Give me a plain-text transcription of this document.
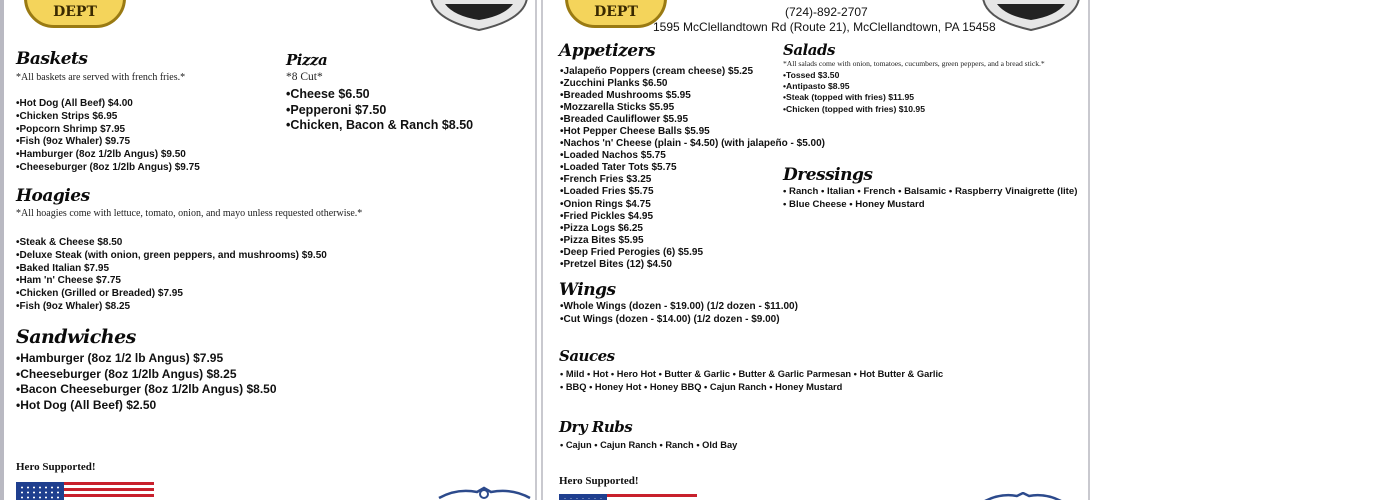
DEPT
Baskets
*All baskets are served with french fries.*
• Hot Dog (All Beef) $4.00
• Chicken Strips $6.95
• Popcorn Shrimp $7.95
• Fish (9oz Whaler) $9.75
• Hamburger (8oz 1/2lb Angus) $9.50
• Cheeseburger (8oz 1/2lb Angus) $9.75
Pizza
*8 Cut*
• Cheese $6.50
• Pepperoni $7.50
• Chicken, Bacon & Ranch $8.50
Hoagies
*All hoagies come with lettuce, tomato, onion, and mayo unless requested otherwise.*
• Steak & Cheese $8.50
• Deluxe Steak (with onion, green peppers, and mushrooms) $9.50
• Baked Italian $7.95
• Ham 'n' Cheese $7.75
• Chicken (Grilled or Breaded) $7.95
• Fish (9oz Whaler) $8.25
Sandwiches
• Hamburger (8oz 1/2 lb Angus) $7.95
• Cheeseburger (8oz 1/2lb Angus) $8.25
• Bacon Cheeseburger (8oz 1/2lb Angus) $8.50
• Hot Dog (All Beef) $2.50
Hero Supported!
DEPT	(724)-892-2707
1595 McClellandtown Rd (Route 21), McClellandtown, PA 15458
Appetizers
• Jalapeño Poppers (cream cheese) $5.25
• Zucchini Planks $6.50
• Breaded Mushrooms $5.95
• Mozzarella Sticks $5.95
• Breaded Cauliflower $5.95
• Hot Pepper Cheese Balls $5.95
• Nachos 'n' Cheese (plain - $4.50) (with jalapeño - $5.00)
• Loaded Nachos $5.75
• Loaded Tater Tots $5.75
• French Fries $3.25
• Loaded Fries $5.75
• Onion Rings $4.75
• Fried Pickles $4.95
• Pizza Logs $6.25
• Pizza Bites $5.95
• Deep Fried Perogies (6) $5.95
• Pretzel Bites (12) $4.50
Salads
*All salads come with onion, tomatoes, cucumbers, green peppers, and a bread stick.*
• Tossed $3.50
• Antipasto $8.95
• Steak (topped with fries) $11.95
• Chicken (topped with fries) $10.95
Dressings
• Ranch • Italian • French • Balsamic • Raspberry Vinaigrette (lite)
• Blue Cheese • Honey Mustard
Wings
• Whole Wings (dozen - $19.00) (1/2 dozen - $11.00)
• Cut Wings (dozen - $14.00) (1/2 dozen - $9.00)
Sauces
• Mild • Hot • Hero Hot • Butter & Garlic • Butter & Garlic Parmesan • Hot Butter & Garlic
• BBQ • Honey Hot • Honey BBQ • Cajun Ranch • Honey Mustard
Dry Rubs
• Cajun • Cajun Ranch • Ranch • Old Bay
Hero Supported!
